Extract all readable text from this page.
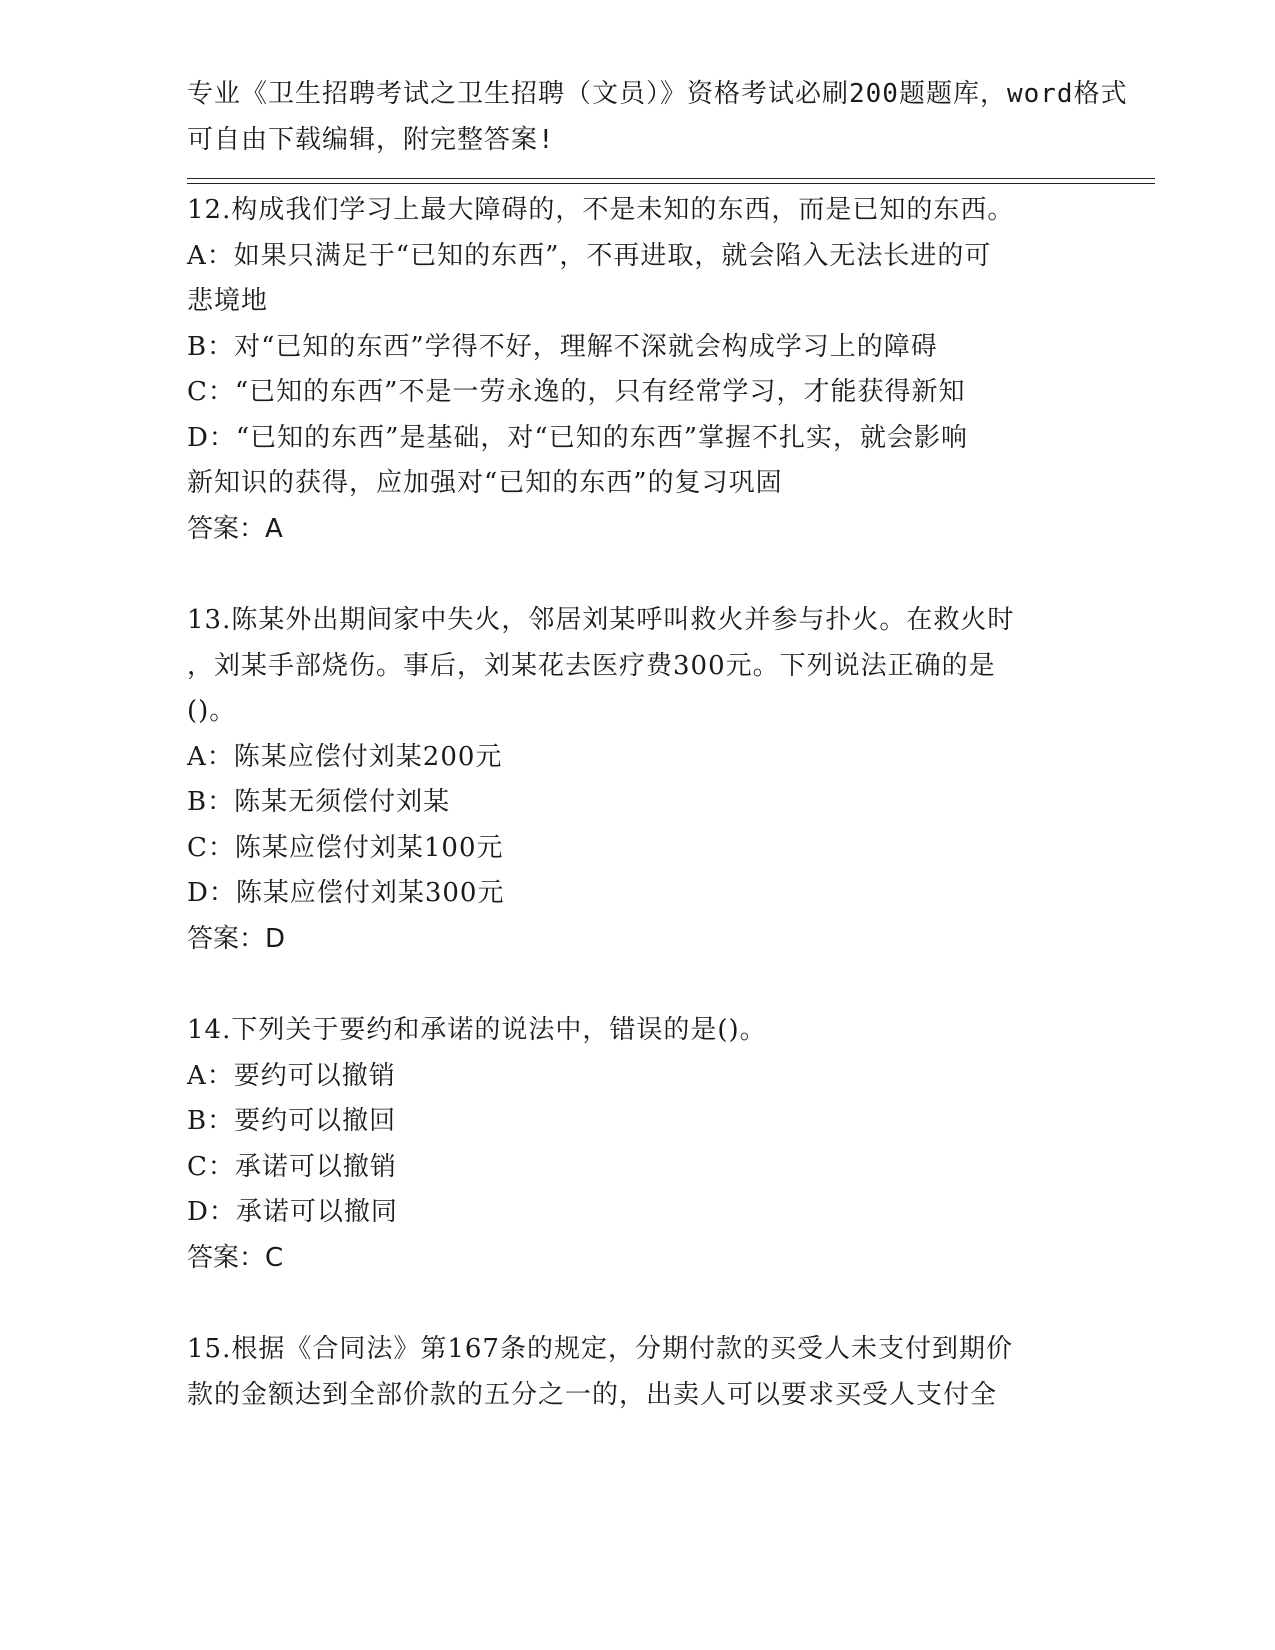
专业《卫生招聘考试之卫生招聘（文员）》资格考试必刷200题题库，word格式
可自由下载编辑，附完整答案!
12.构成我们学习上最大障碍的，不是未知的东西，而是已知的东西。
A：如果只满足于“已知的东西”，不再进取，就会陷入无法长进的可
悲境地
B：对“已知的东西”学得不好，理解不深就会构成学习上的障碍
C：“已知的东西”不是一劳永逸的，只有经常学习，才能获得新知
D：“已知的东西”是基础，对“已知的东西”掌握不扎实，就会影响
新知识的获得，应加强对“已知的东西”的复习巩固
答案：A
13.陈某外出期间家中失火，邻居刘某呼叫救火并参与扑火。在救火时
，刘某手部烧伤。事后，刘某花去医疗费300元。下列说法正确的是
()。
A：陈某应偿付刘某200元
B：陈某无须偿付刘某
C：陈某应偿付刘某100元
D：陈某应偿付刘某300元
答案：D
14.下列关于要约和承诺的说法中，错误的是()。
A：要约可以撤销
B：要约可以撤回
C：承诺可以撤销
D：承诺可以撤同
答案：C
15.根据《合同法》第167条的规定，分期付款的买受人未支付到期价
款的金额达到全部价款的五分之一的，出卖人可以要求买受人支付全
